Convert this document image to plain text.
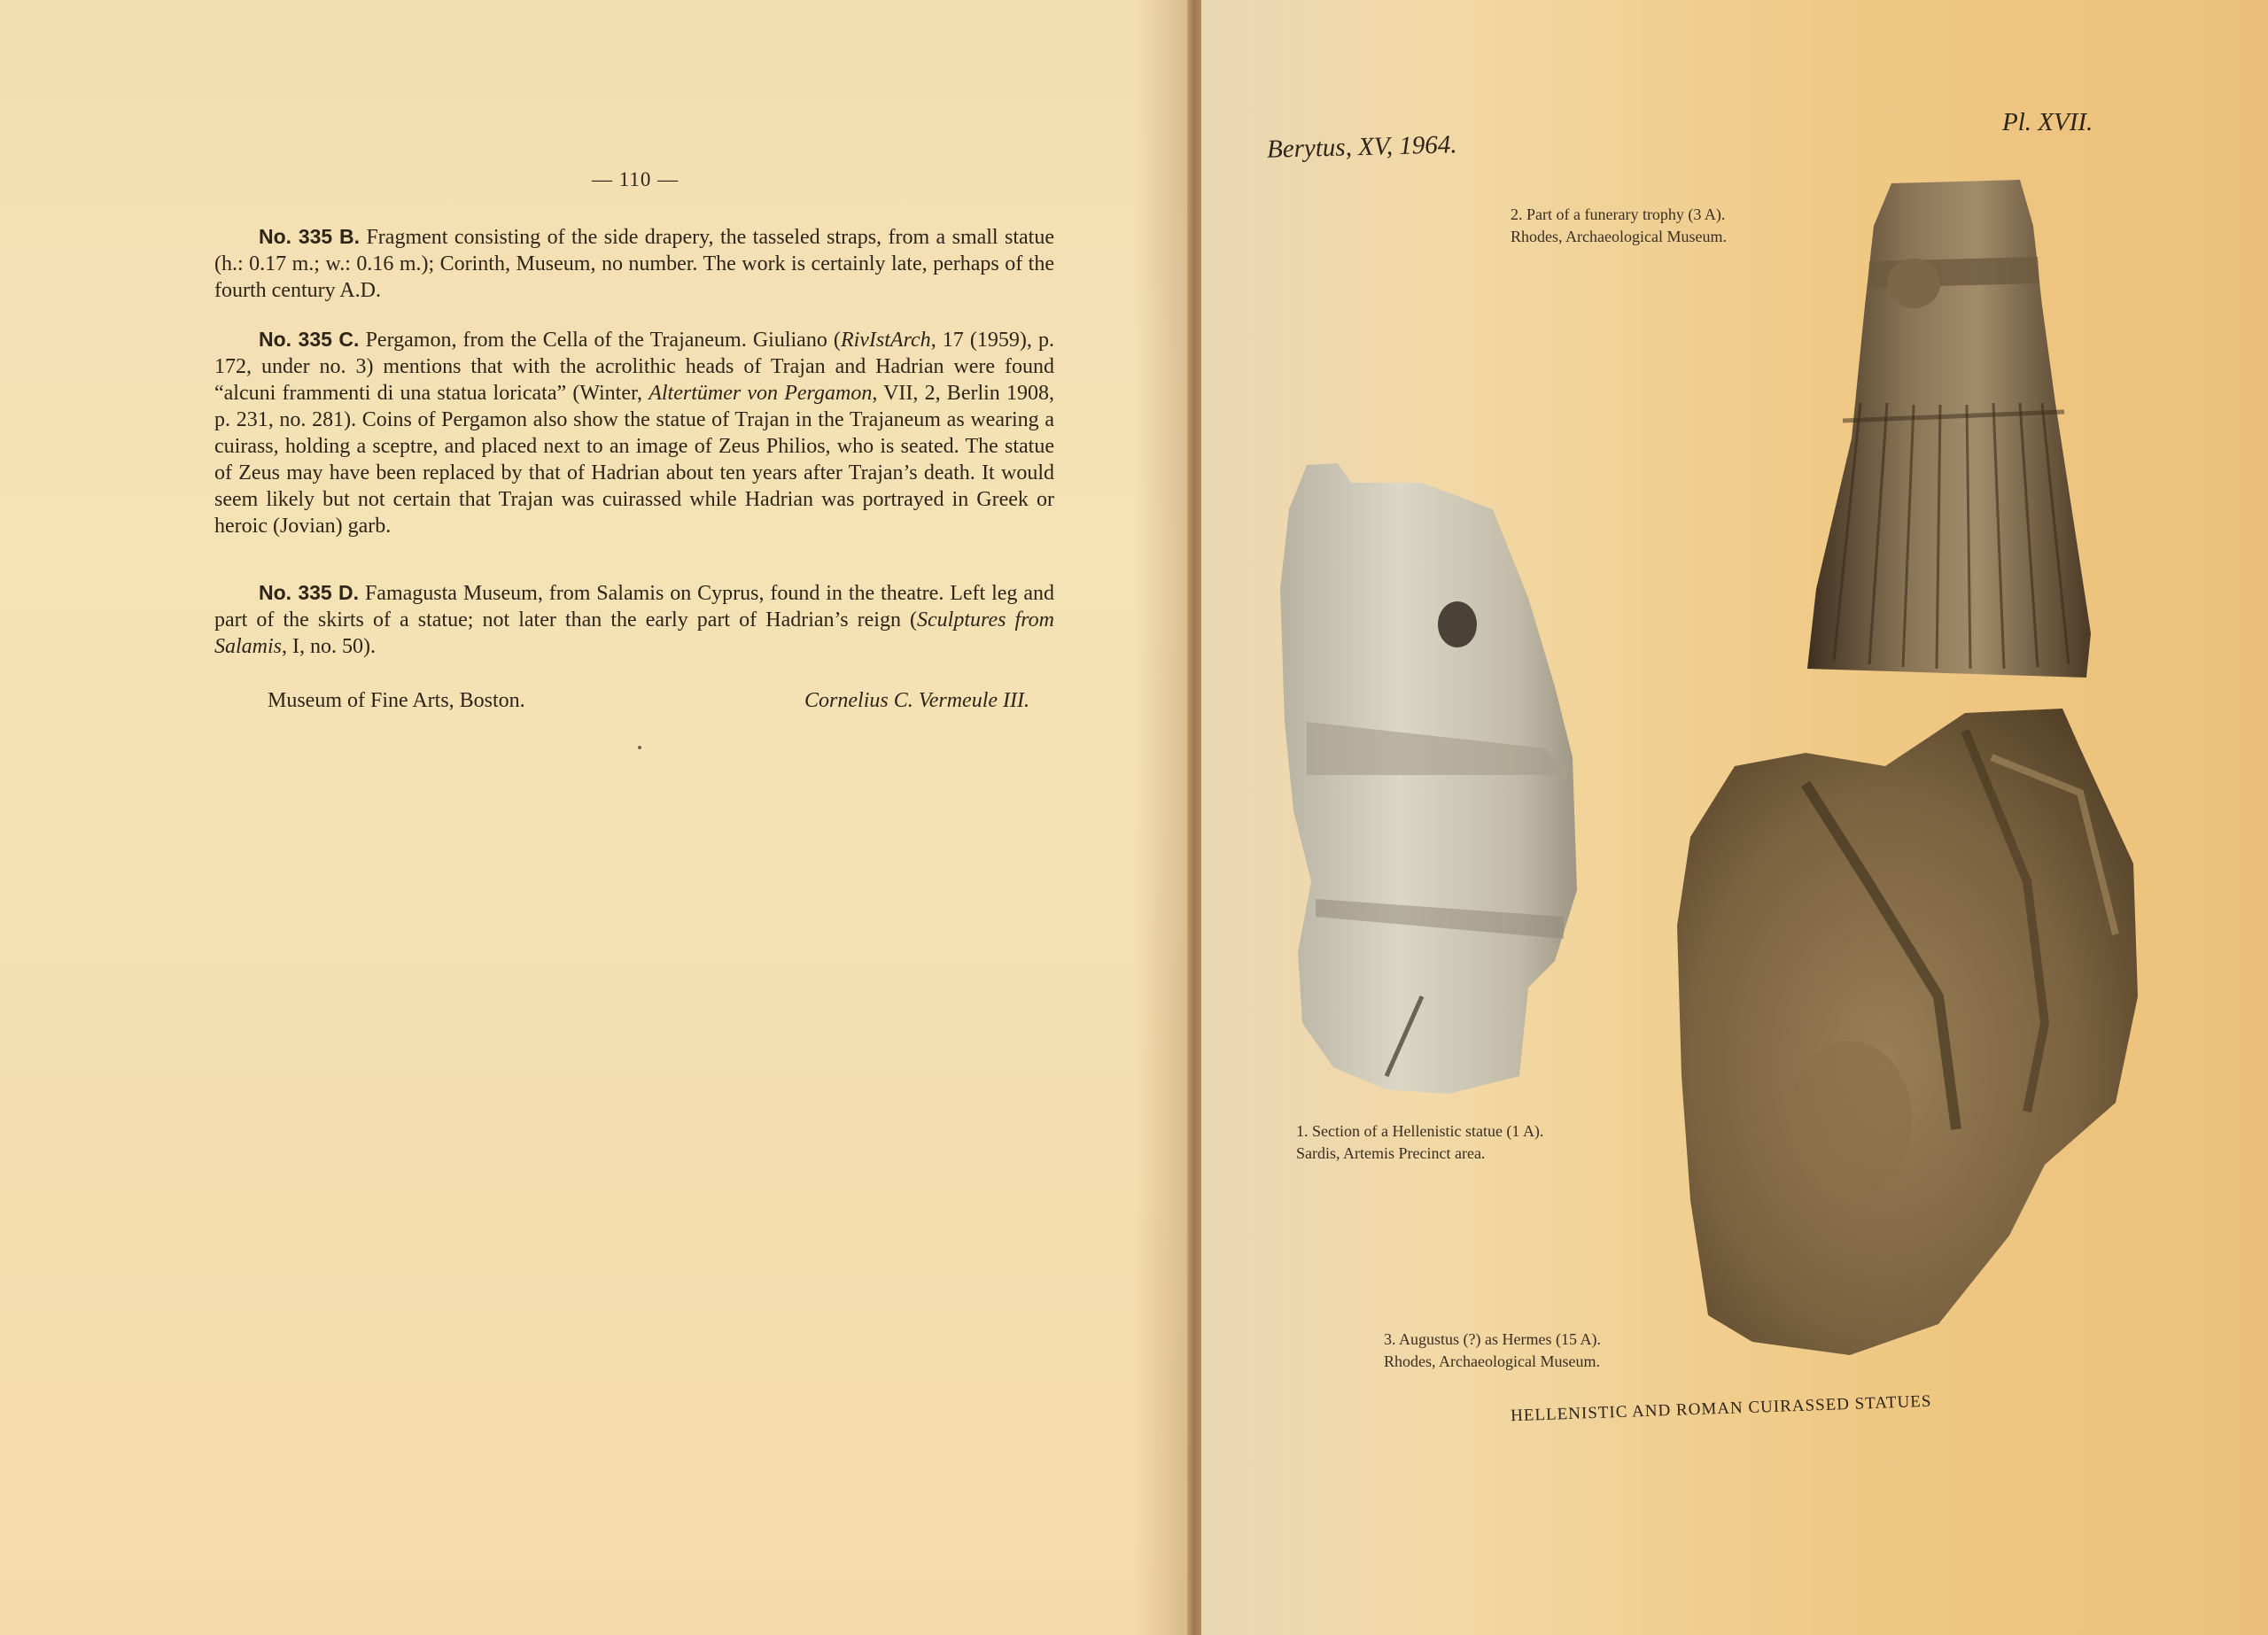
— 110 —

No. 335 B. Fragment consisting of the side drapery, the tasseled straps, from a small statue (h.: 0.17 m.; w.: 0.16 m.); Corinth, Museum, no number. The work is certainly late, perhaps of the fourth century A.D.

No. 335 C. Pergamon, from the Cella of the Trajaneum. Giuliano (RivIstArch, 17 (1959), p. 172, under no. 3) mentions that with the acrolithic heads of Trajan and Hadrian were found “alcuni frammenti di una statua loricata” (Winter, Altertümer von Pergamon, VII, 2, Berlin 1908, p. 231, no. 281). Coins of Pergamon also show the statue of Trajan in the Trajaneum as wearing a cuirass, holding a sceptre, and placed next to an image of Zeus Philios, who is seated. The statue of Zeus may have been replaced by that of Hadrian about ten years after Trajan’s death. It would seem likely but not certain that Trajan was cuirassed while Hadrian was portrayed in Greek or heroic (Jovian) garb.

No. 335 D. Famagusta Museum, from Salamis on Cyprus, found in the theatre. Left leg and part of the skirts of a statue; not later than the early part of Hadrian’s reign (Sculptures from Salamis, I, no. 50).

Museum of Fine Arts, Boston.	Cornelius C. Vermeule III.
Berytus, XV, 1964.
Pl. XVII.
2. Part of a funerary trophy (3 A).
Rhodes, Archaeological Museum.
1. Section of a Hellenistic statue (1 A).
Sardis, Artemis Precinct area.
3. Augustus (?) as Hermes (15 A).
Rhodes, Archaeological Museum.
HELLENISTIC AND ROMAN CUIRASSED STATUES
